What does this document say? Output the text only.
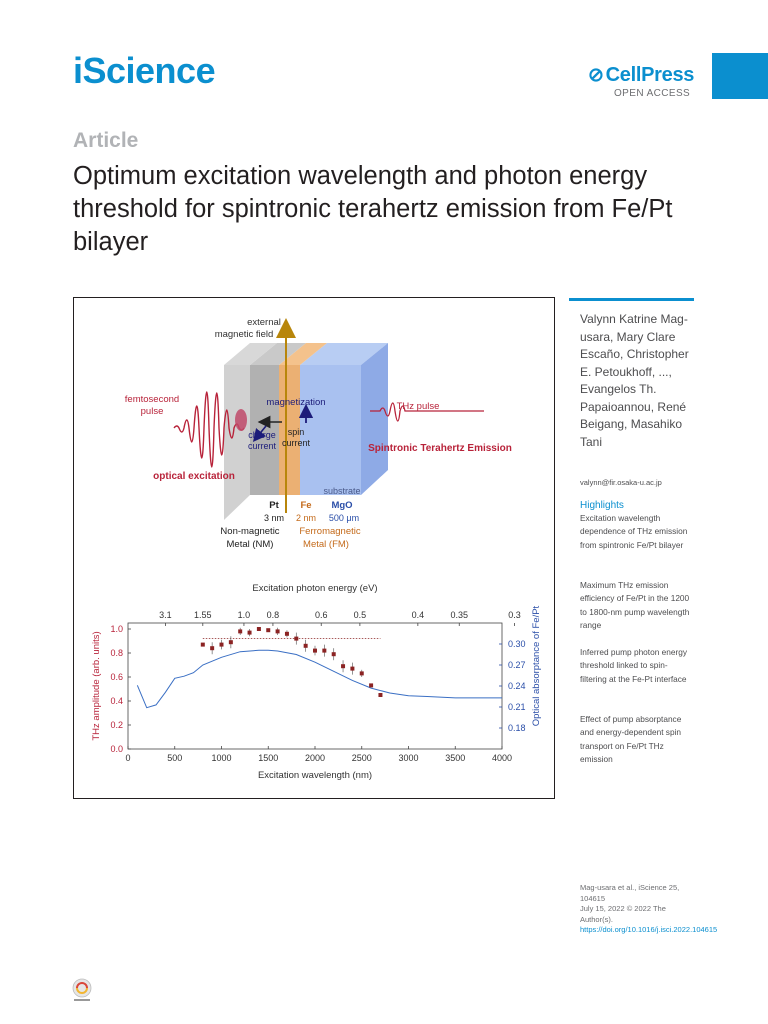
iScience	⊘ CellPress
OPEN ACCESS
Article
Optimum excitation wavelength and photon energy threshold for spintronic terahertz emission from Fe/Pt bilayer
external
magnetic field
femtosecond
pulse
optical excitation
magnetization
spin
current
charge
current
THz pulse
Spintronic Terahertz Emission
substrate
Pt Fe MgO
3 nm 2 nm 500 μm
Non-magnetic
Metal (NM)
Ferromagnetic
Metal (FM)
Excitation photon energy (eV)
Excitation wavelength (nm)
THz amplitude (arb. units)	Optical absorptance of Fe/Pt
0	500	1000	1500	2000	2500	3000	3500	4000
0.0
0.2
0.4
0.6
0.8
1.0
0.18
0.21
0.24
0.27
0.30
3.1 1.55	1.0 0.8	0.6	0.5	0.4	0.35	0.3
Valynn Katrine Mag-usara, Mary Clare Escaño, Christopher E. Petoukhoff, ..., Evangelos Th. Papaioannou, René Beigang, Masahiko Tani
valynn@fir.osaka-u.ac.jp
Highlights
Excitation wavelength dependence of THz emission from spintronic Fe/Pt bilayer
Maximum THz emission efficiency of Fe/Pt in the 1200 to 1800-nm pump wavelength range
Inferred pump photon energy threshold linked to spin-filtering at the Fe-Pt interface
Effect of pump absorptance and energy-dependent spin transport on Fe/Pt THz emission
Mag-usara et al., iScience 25, 104615
July 15, 2022 © 2022 The Author(s).
https://doi.org/10.1016/j.isci.2022.104615
